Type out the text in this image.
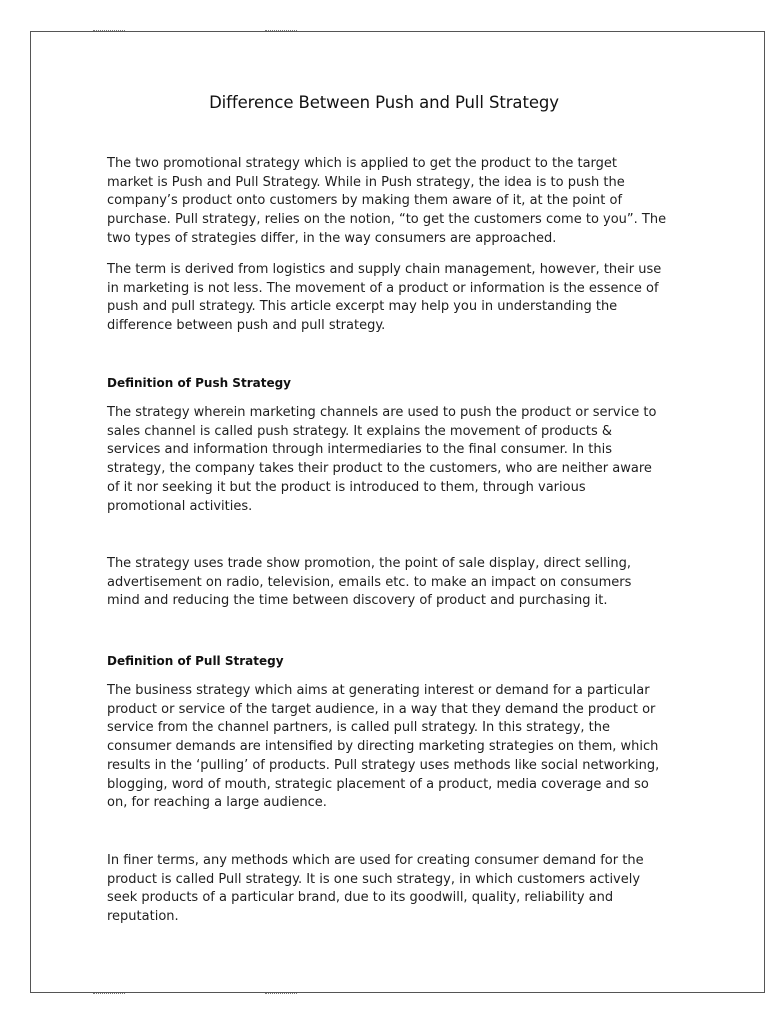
Difference Between Push and Pull Strategy

The two promotional strategy which is applied to get the product to the target market is Push and Pull Strategy. While in Push strategy, the idea is to push the company’s product onto customers by making them aware of it, at the point of purchase. Pull strategy, relies on the notion, “to get the customers come to you”. The two types of strategies differ, in the way consumers are approached.

The term is derived from logistics and supply chain management, however, their use in marketing is not less. The movement of a product or information is the essence of push and pull strategy. This article excerpt may help you in understanding the difference between push and pull strategy.

Definition of Push Strategy

The strategy wherein marketing channels are used to push the product or service to sales channel is called push strategy. It explains the movement of products & services and information through intermediaries to the final consumer. In this strategy, the company takes their product to the customers, who are neither aware of it nor seeking it but the product is introduced to them, through various promotional activities.

The strategy uses trade show promotion, the point of sale display, direct selling, advertisement on radio, television, emails etc. to make an impact on consumers mind and reducing the time between discovery of product and purchasing it.

Definition of Pull Strategy

The business strategy which aims at generating interest or demand for a particular product or service of the target audience, in a way that they demand the product or service from the channel partners, is called pull strategy. In this strategy, the consumer demands are intensified by directing marketing strategies on them, which results in the ‘pulling’ of products. Pull strategy uses methods like social networking, blogging, word of mouth, strategic placement of a product, media coverage and so on, for reaching a large audience.

In finer terms, any methods which are used for creating consumer demand for the product is called Pull strategy. It is one such strategy, in which customers actively seek products of a particular brand, due to its goodwill, quality, reliability and reputation.
